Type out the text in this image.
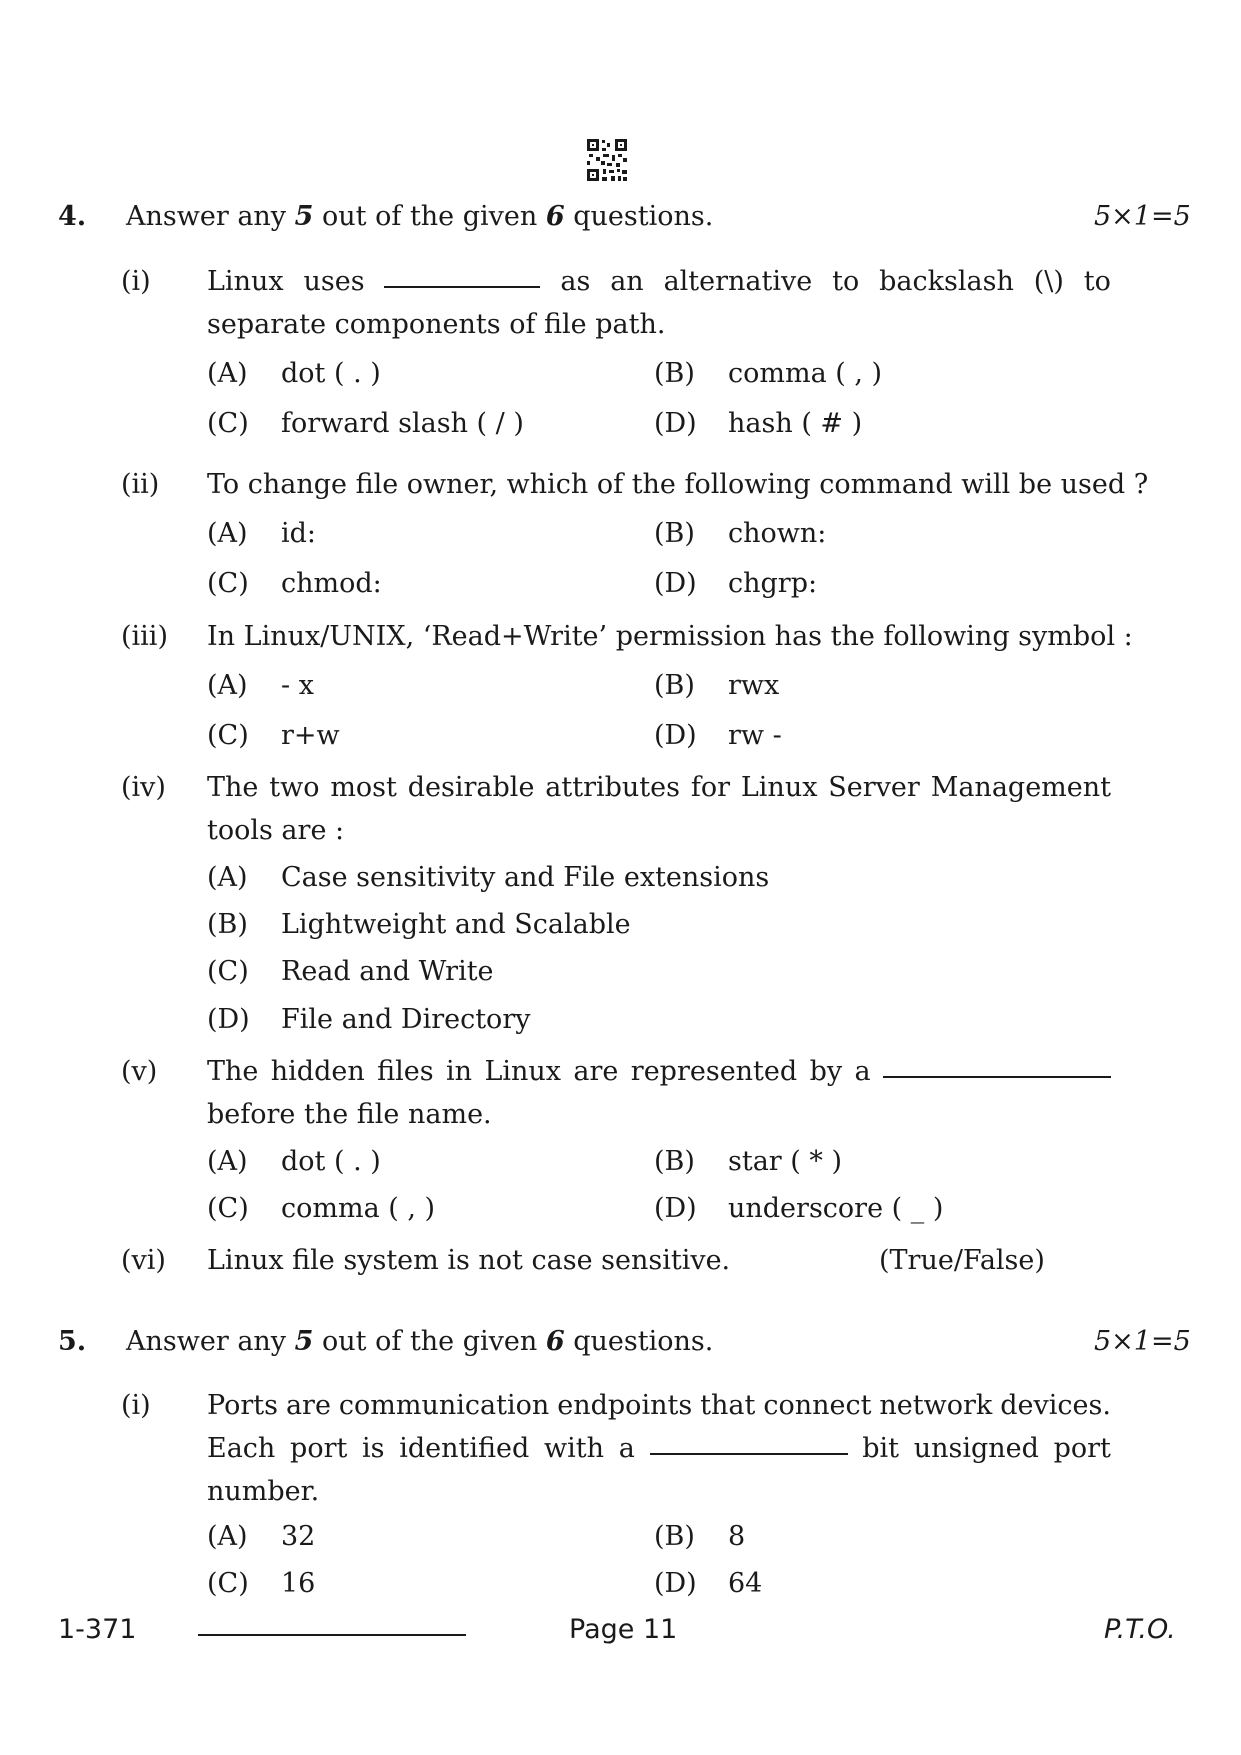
4. Answer any 5 out of the given 6 questions.	5×1=5
(i) Linux uses	as an alternative to backslash (\) to
separate components of file path.
(A) dot ( . )	(B) comma ( , )
(C) forward slash ( / )	(D) hash ( # )
(ii) To change file owner, which of the following command will be used ?
(A) id:	(B) chown:
(C) chmod:	(D) chgrp:
(iii) In Linux/UNIX, ‘Read+Write’ permission has the following symbol :
(A) - x	(B) rwx
(C) r+w	(D) rw -
(iv) The two most desirable attributes for Linux Server Management
tools are :
(A) Case sensitivity and File extensions
(B) Lightweight and Scalable
(C) Read and Write
(D) File and Directory
(v) The hidden files in Linux are represented by a
before the file name.
(A) dot ( . )	(B) star ( * )
(C) comma ( , )	(D) underscore ( _ )
(vi) Linux file system is not case sensitive.	(True/False)
5. Answer any 5 out of the given 6 questions.	5×1=5
(i) Ports are communication endpoints that connect network devices.
Each port is identified with a	bit unsigned port
number.
(A) 32	(B) 8
(C) 16	(D) 64
1-371	Page 11	P.T.O.
